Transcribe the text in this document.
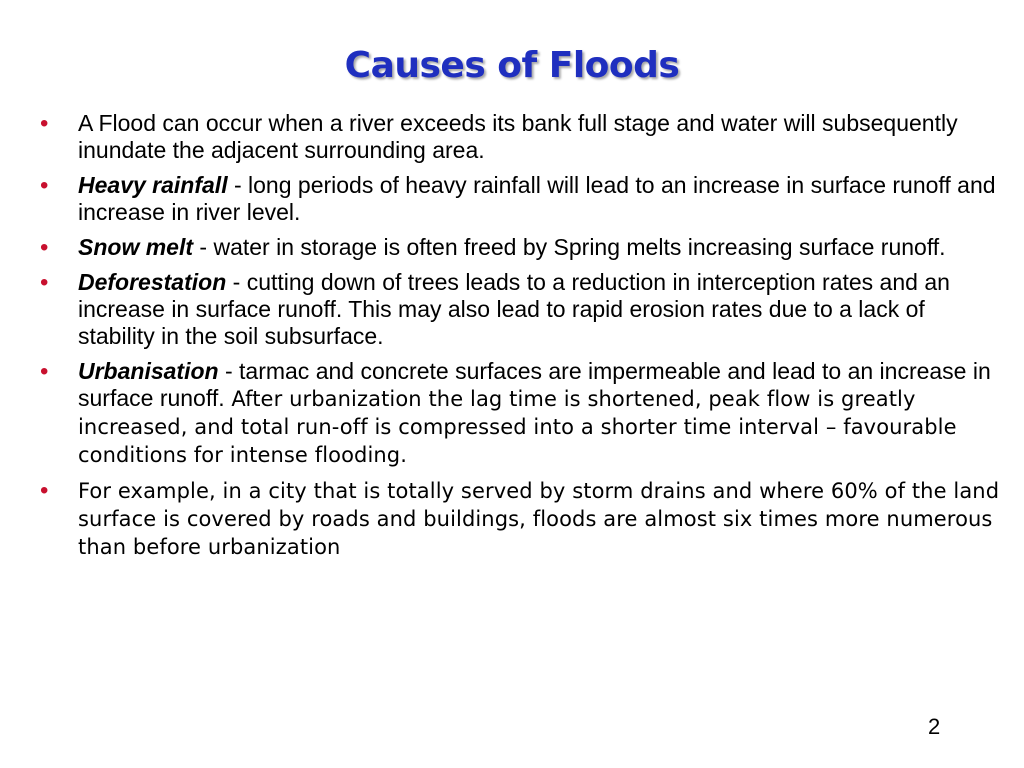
Causes of Floods
• A Flood can occur when a river exceeds its bank full stage and water will subsequently inundate the adjacent surrounding area.
• Heavy rainfall - long periods of heavy rainfall will lead to an increase in surface runoff and increase in river level.
• Snow melt - water in storage is often freed by Spring melts increasing surface runoff.
• Deforestation - cutting down of trees leads to a reduction in interception rates and an increase in surface runoff. This may also lead to rapid erosion rates due to a lack of stability in the soil subsurface.
• Urbanisation - tarmac and concrete surfaces are impermeable and lead to an increase in surface runoff. After urbanization the lag time is shortened, peak flow is greatly increased, and total run-off is compressed into a shorter time interval – favourable conditions for intense flooding.
• For example, in a city that is totally served by storm drains and where 60% of the land surface is covered by roads and buildings, floods are almost six times more numerous than before urbanization
2
